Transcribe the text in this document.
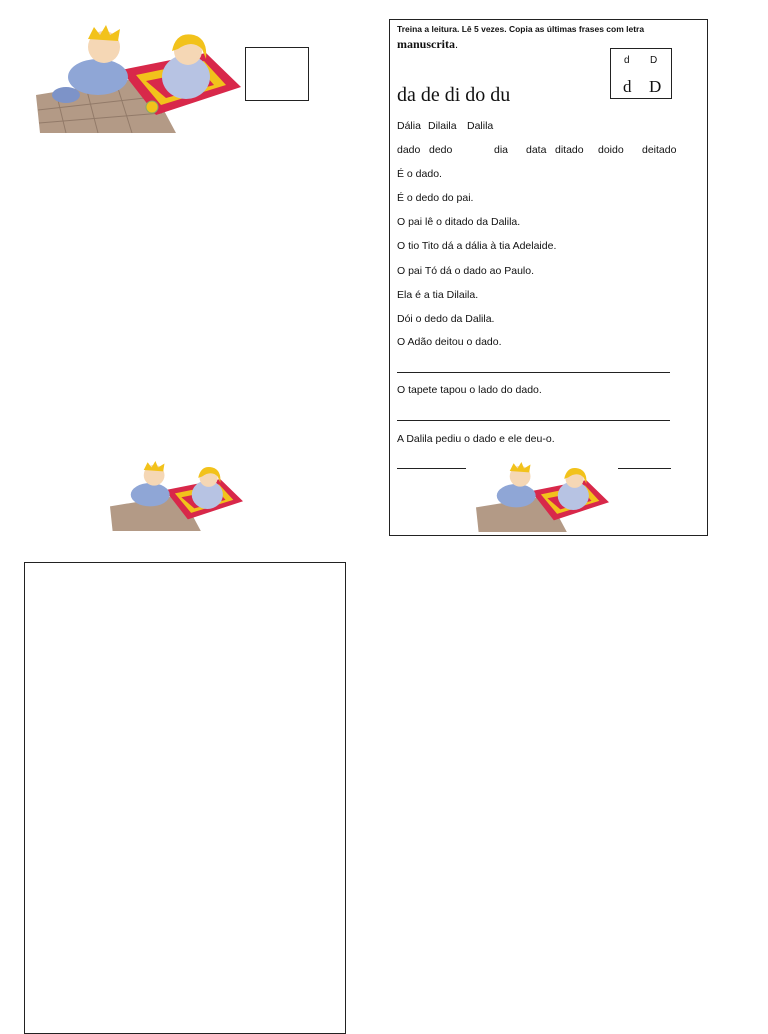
Treina a leitura. Lê 5 vezes. Copia as últimas frases com letra
manuscrita.
d D
d D
da de di do du
Dália Dilaila Dalila
dado dedo	dia data ditado doido deitado
É o dado.
É o dedo do pai.
O pai lê o ditado da Dalila.
O tio Tito dá a dália à tia Adelaide.
O pai Tó dá o dado ao Paulo.
Ela é a tia Dilaila.
Dói o dedo da Dalila.
O Adão deitou o dado.
O tapete tapou o lado do dado.
A Dalila pediu o dado e ele deu-o.
